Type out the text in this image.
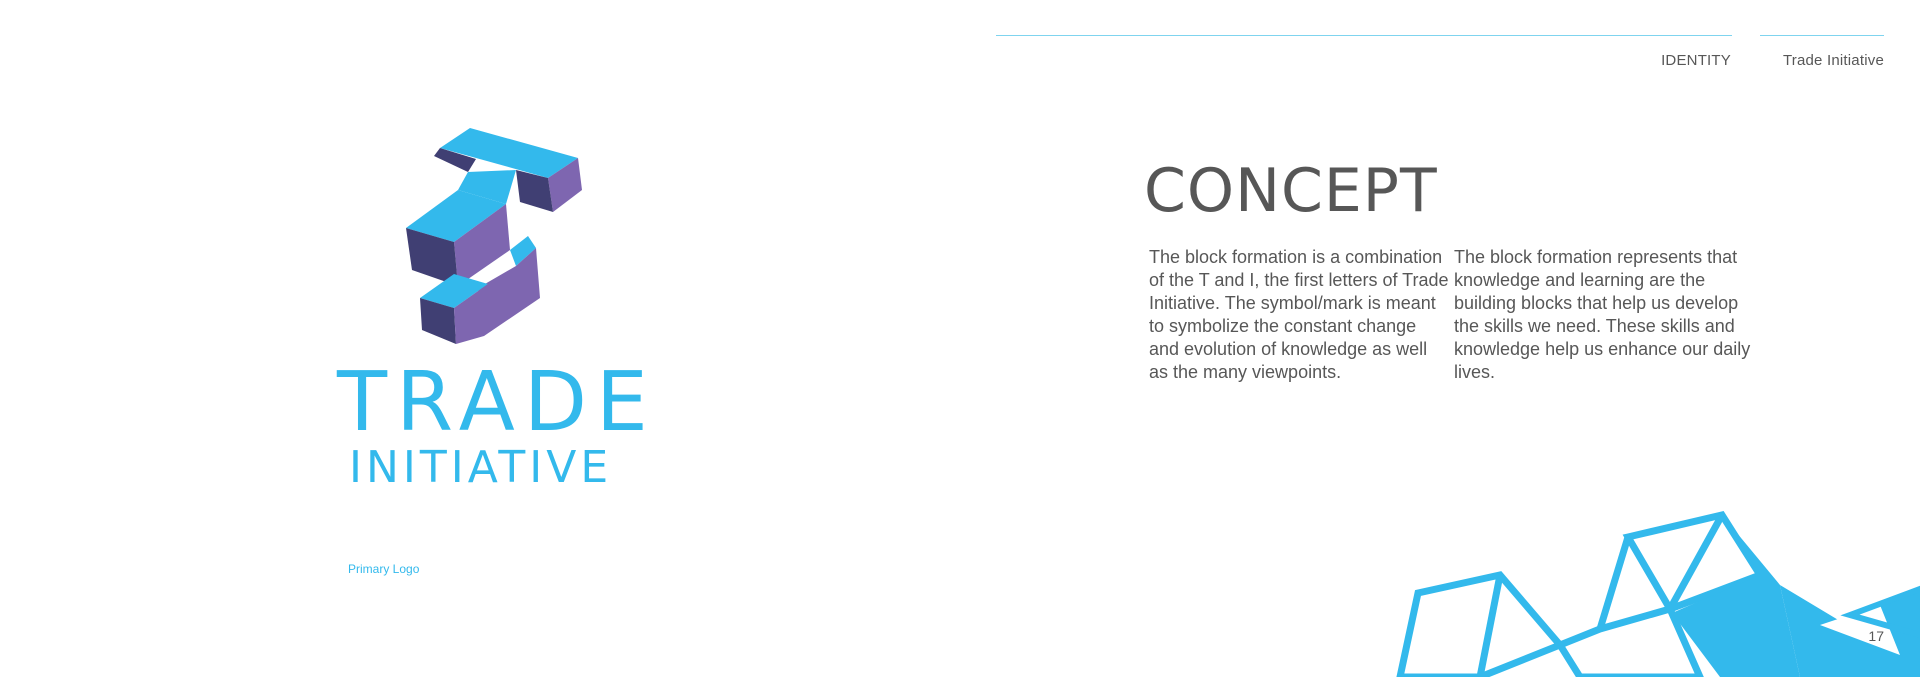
IDENTITY	Trade Initiative
TRADE
INITIATIVE
Primary Logo
CONCEPT
The block formation is a combination of the T and I, the first letters of Trade Initiative. The symbol/mark is meant to symbolize the constant change and evolution of knowledge as well as the many viewpoints.
The block formation represents that knowledge and learning are the building blocks that help us develop the skills we need. These skills and knowledge help us enhance our daily lives.
17
